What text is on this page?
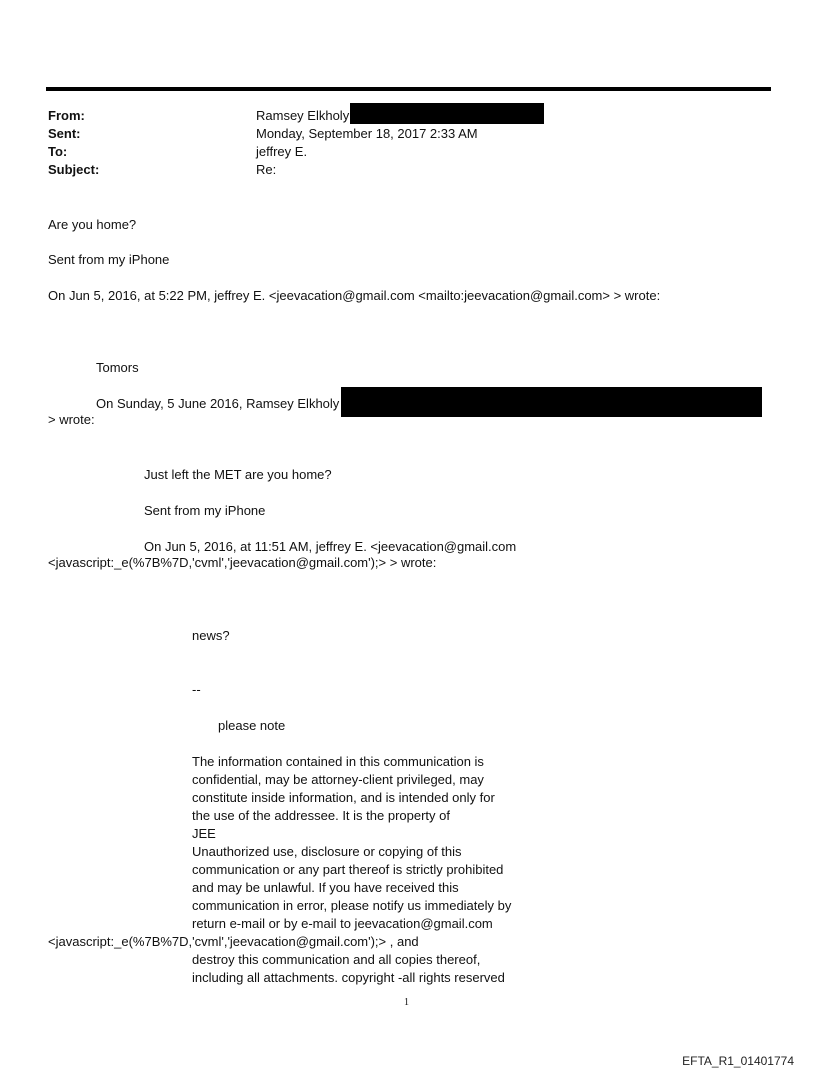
From:	Ramsey Elkholy
Sent:	Monday, September 18, 2017 2:33 AM
To:	jeffrey E.
Subject:	Re:
Are you home?
Sent from my iPhone
On Jun 5, 2016, at 5:22 PM, jeffrey E. <jeevacation@gmail.com <mailto:jeevacation@gmail.com> > wrote:
Tomors
On Sunday, 5 June 2016, Ramsey Elkholy
> wrote:
Just left the MET are you home?
Sent from my iPhone
On Jun 5, 2016, at 11:51 AM, jeffrey E. <jeevacation@gmail.com
<javascript:_e(%7B%7D,'cvml','jeevacation@gmail.com');> > wrote:
news?
--
please note
The information contained in this communication is
confidential, may be attorney-client privileged, may
constitute inside information, and is intended only for
the use of the addressee. It is the property of
JEE
Unauthorized use, disclosure or copying of this
communication or any part thereof is strictly prohibited
and may be unlawful. If you have received this
communication in error, please notify us immediately by
return e-mail or by e-mail to jeevacation@gmail.com
<javascript:_e(%7B%7D,'cvml','jeevacation@gmail.com');> , and
destroy this communication and all copies thereof,
including all attachments. copyright -all rights reserved
1
EFTA_R1_01401774
